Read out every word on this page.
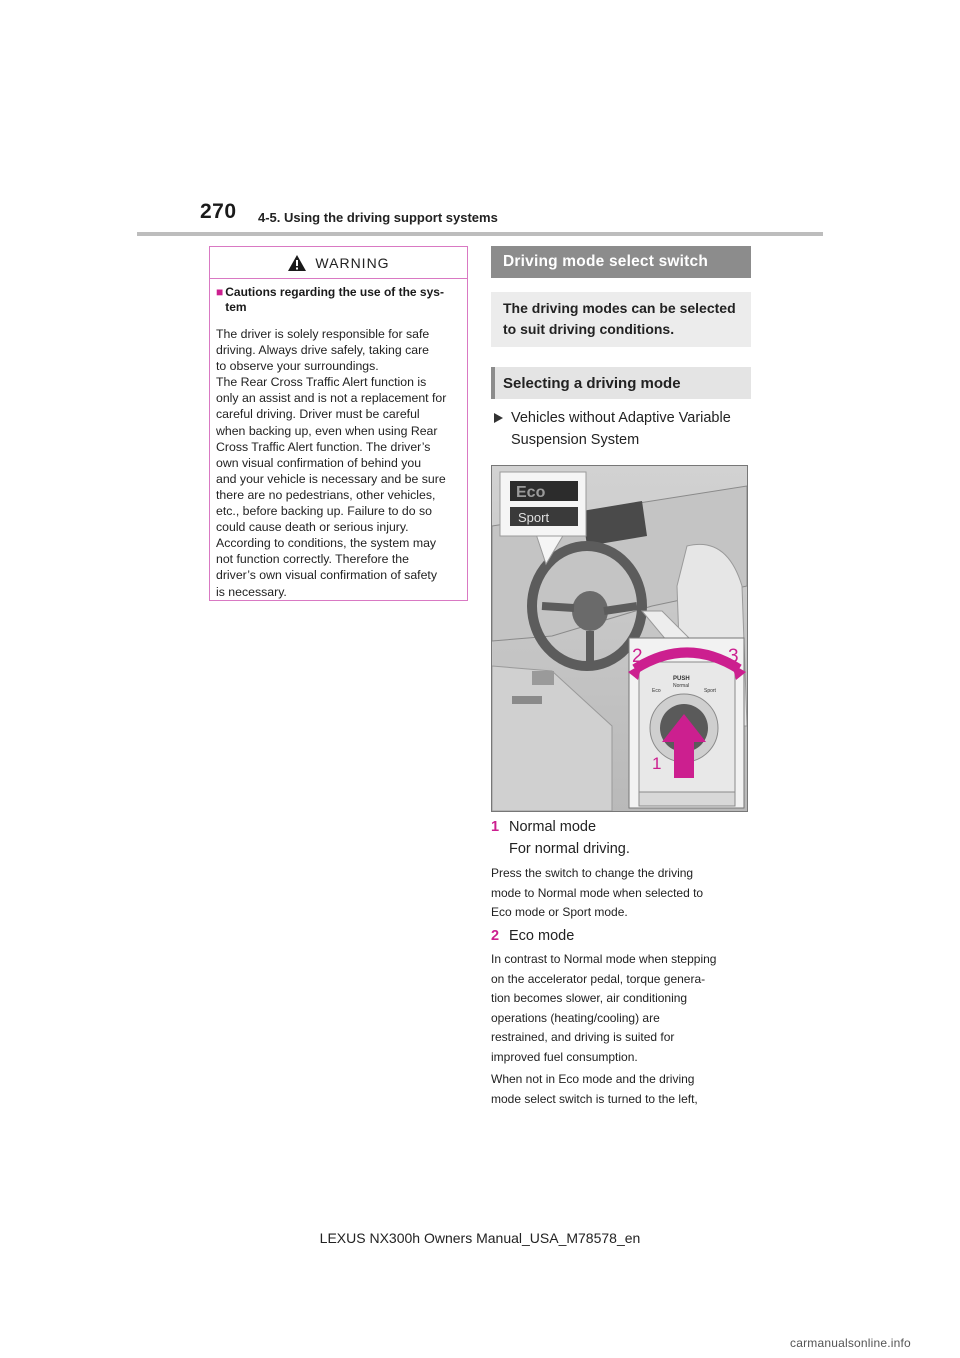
270 4-5. Using the driving support systems
WARNING
■ Cautions regarding the use of the sys-tem
The driver is solely responsible for safe
driving. Always drive safely, taking care
to observe your surroundings.
The Rear Cross Traffic Alert function is
only an assist and is not a replacement for
careful driving. Driver must be careful
when backing up, even when using Rear
Cross Traffic Alert function. The driver’s
own visual confirmation of behind you
and your vehicle is necessary and be sure
there are no pedestrians, other vehicles,
etc., before backing up. Failure to do so
could cause death or serious injury.
According to conditions, the system may
not function correctly. Therefore the
driver’s own visual confirmation of safety
is necessary.
Driving mode select switch
The driving modes can be selected
to suit driving conditions.
Selecting a driving mode
Vehicles without Adaptive Variable
Suspension System
Eco
Sport
2	3
PUSH
Normal
Eco	Sport
1
1 Normal mode
For normal driving.
Press the switch to change the driving
mode to Normal mode when selected to
Eco mode or Sport mode.
2 Eco mode
In contrast to Normal mode when stepping
on the accelerator pedal, torque genera-
tion becomes slower, air conditioning
operations (heating/cooling) are
restrained, and driving is suited for
improved fuel consumption.
When not in Eco mode and the driving
mode select switch is turned to the left,
LEXUS NX300h Owners Manual_USA_M78578_en
carmanualsonline.info
